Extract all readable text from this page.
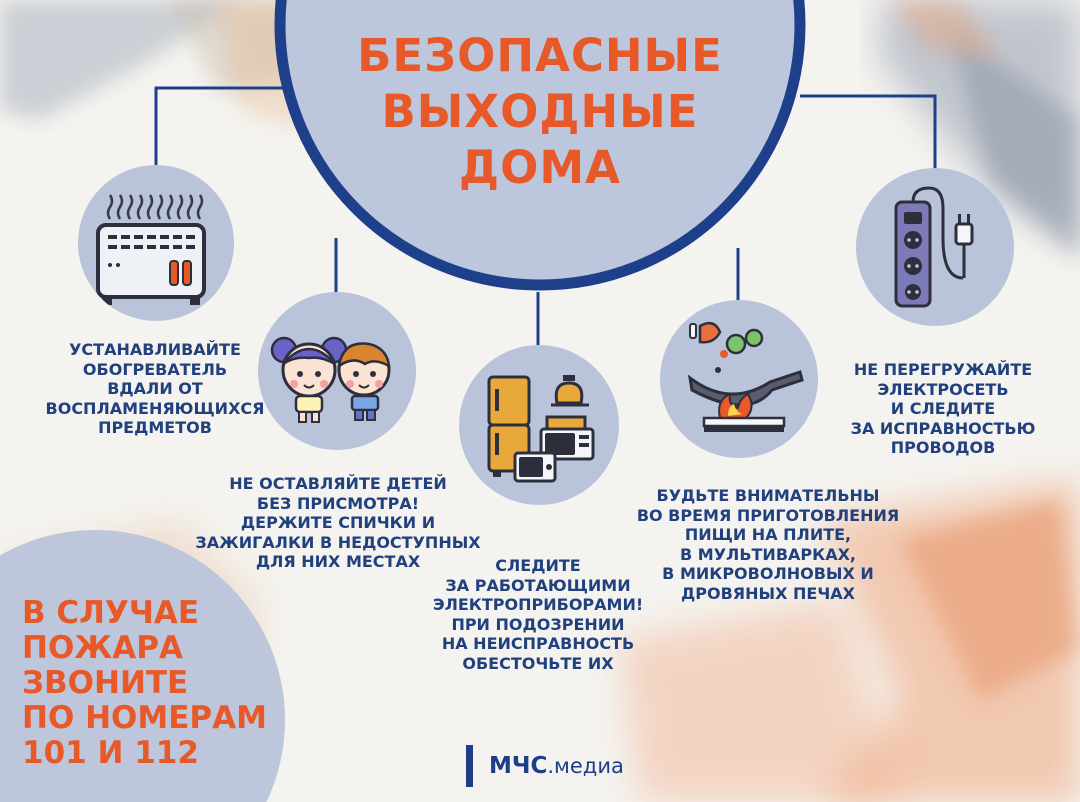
БЕЗОПАСНЫЕ
ВЫХОДНЫЕ
ДОМА
УСТАНАВЛИВАЙТЕ
ОБОГРЕВАТЕЛЬ
ВДАЛИ ОТ
ВОСПЛАМЕНЯЮЩИХСЯ
ПРЕДМЕТОВ
НЕ ОСТАВЛЯЙТЕ ДЕТЕЙ
БЕЗ ПРИСМОТРА!
ДЕРЖИТЕ СПИЧКИ И
ЗАЖИГАЛКИ В НЕДОСТУПНЫХ
ДЛЯ НИХ МЕСТАХ	СЛЕДИТЕ
ЗА РАБОТАЮЩИМИ
ЭЛЕКТРОПРИБОРАМИ!
ПРИ ПОДОЗРЕНИИ
НА НЕИСПРАВНОСТЬ
ОБЕСТОЧЬТЕ ИХ
БУДЬТЕ ВНИМАТЕЛЬНЫ
ВО ВРЕМЯ ПРИГОТОВЛЕНИЯ
ПИЩИ НА ПЛИТЕ,
В МУЛЬТИВАРКАХ,
В МИКРОВОЛНОВЫХ И
ДРОВЯНЫХ ПЕЧАХ
НЕ ПЕРЕГРУЖАЙТЕ
ЭЛЕКТРОСЕТЬ
И СЛЕДИТЕ
ЗА ИСПРАВНОСТЬЮ
ПРОВОДОВ
В СЛУЧАЕ
ПОЖАРА
ЗВОНИТЕ
ПО НОМЕРАМ
101 И 112	МЧС .медиа
